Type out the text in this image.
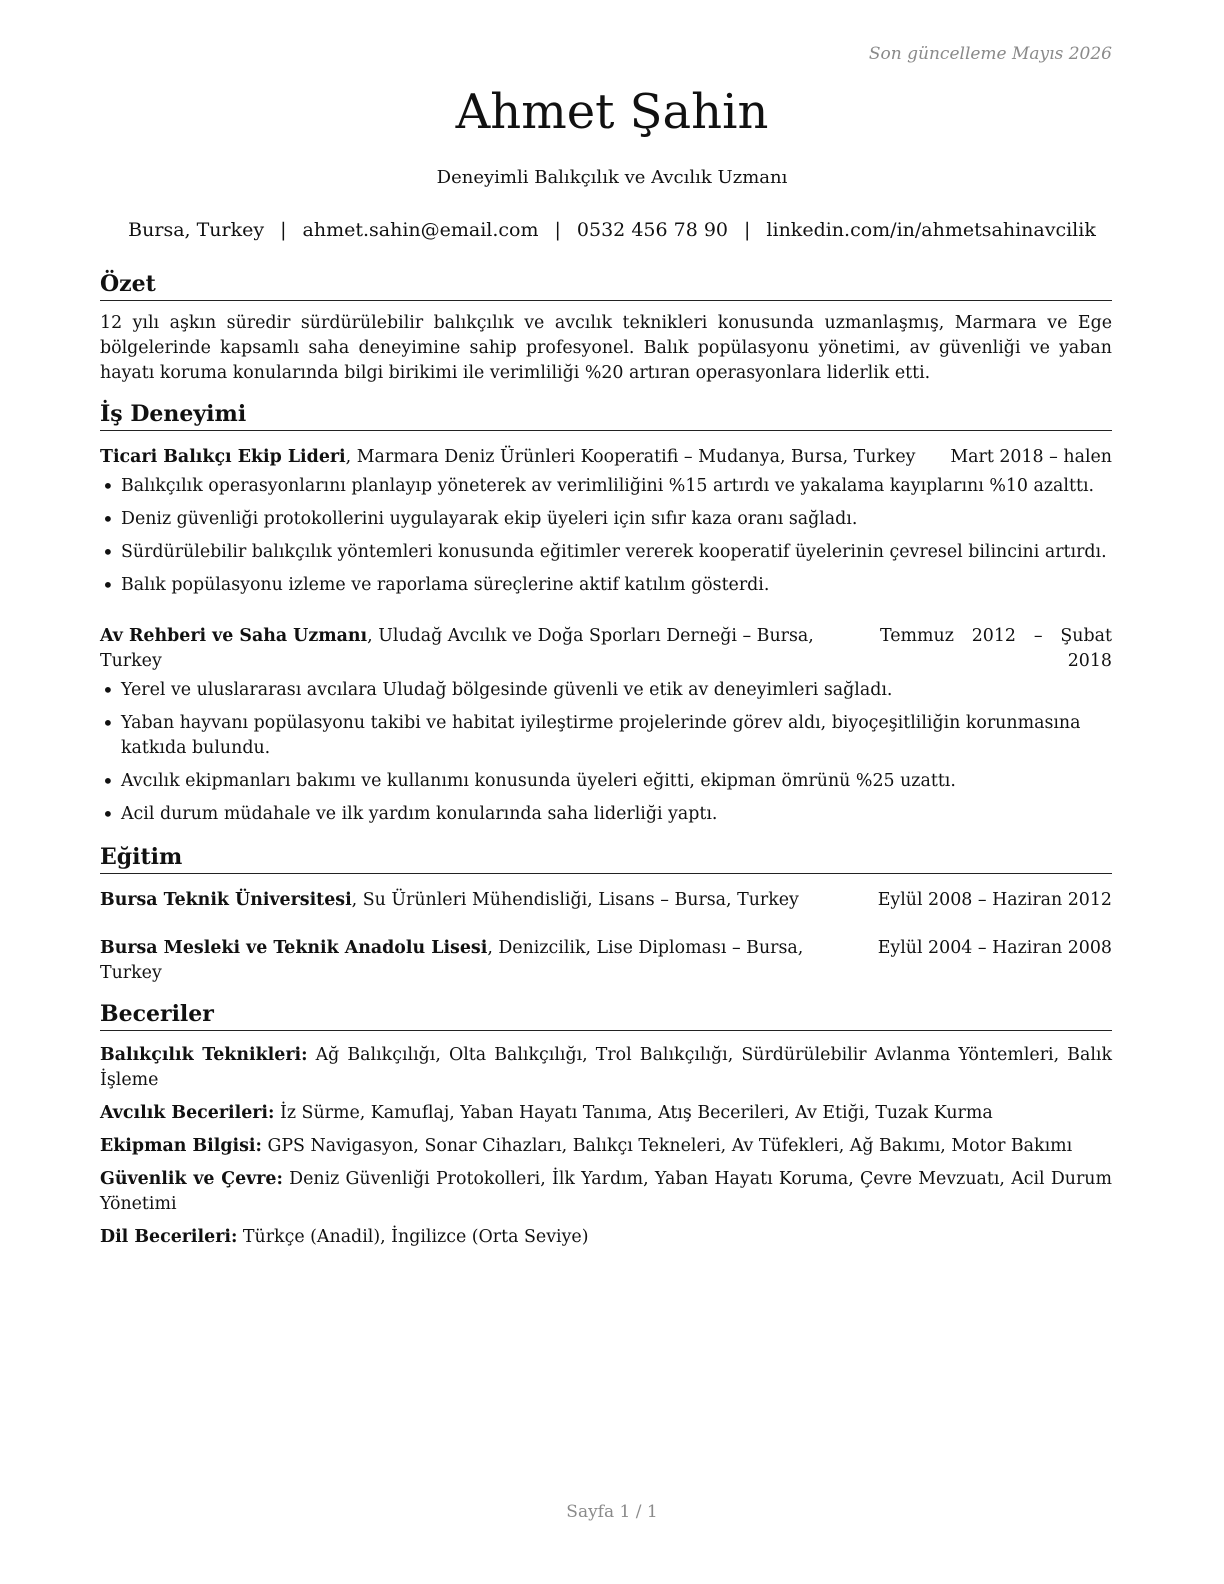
Son güncelleme Mayıs 2026
Ahmet Şahin
Deneyimli Balıkçılık ve Avcılık Uzmanı
Bursa, Turkey | ahmet.sahin@email.com | 0532 456 78 90 | linkedin.com/in/ahmetsahinavcilik
Özet

12 yılı aşkın süredir sürdürülebilir balıkçılık ve avcılık teknikleri konusunda uzmanlaşmış, Marmara ve Ege bölgelerinde kapsamlı saha deneyimine sahip profesyonel. Balık popülasyonu yönetimi, av güvenliği ve yaban hayatı koruma konularında bilgi birikimi ile verimliliği %20 artıran operasyonlara liderlik etti.

İş Deneyimi
Ticari Balıkçı Ekip Lideri, Marmara Deniz Ürünleri Kooperatifi – Mudanya, Bursa, Turkey	Mart 2018 – halen
• Balıkçılık operasyonlarını planlayıp yöneterek av verimliliğini %15 artırdı ve yakalama kayıplarını %10 azalttı.
• Deniz güvenliği protokollerini uygulayarak ekip üyeleri için sıfır kaza oranı sağladı.
• Sürdürülebilir balıkçılık yöntemleri konusunda eğitimler vererek kooperatif üyelerinin çevresel bilincini artırdı.
• Balık popülasyonu izleme ve raporlama süreçlerine aktif katılım gösterdi.
Av Rehberi ve Saha Uzmanı, Uludağ Avcılık ve Doğa Sporları Derneği – Bursa, Turkey
Temmuz 2012 – Şubat 2018
• Yerel ve uluslararası avcılara Uludağ bölgesinde güvenli ve etik av deneyimleri sağladı.
• Yaban hayvanı popülasyonu takibi ve habitat iyileştirme projelerinde görev aldı, biyoçeşitliliğin korunmasına katkıda bulundu.
• Avcılık ekipmanları bakımı ve kullanımı konusunda üyeleri eğitti, ekipman ömrünü %25 uzattı.
• Acil durum müdahale ve ilk yardım konularında saha liderliği yaptı.
Eğitim
Bursa Teknik Üniversitesi, Su Ürünleri Mühendisliği, Lisans – Bursa, Turkey	Eylül 2008 – Haziran 2012
Bursa Mesleki ve Teknik Anadolu Lisesi, Denizcilik, Lise Diploması – Bursa, Turkey
Eylül 2004 – Haziran 2008
Beceriler
Balıkçılık Teknikleri: Ağ Balıkçılığı, Olta Balıkçılığı, Trol Balıkçılığı, Sürdürülebilir Avlanma Yöntemleri, Balık İşleme
Avcılık Becerileri: İz Sürme, Kamuflaj, Yaban Hayatı Tanıma, Atış Becerileri, Av Etiği, Tuzak Kurma
Ekipman Bilgisi: GPS Navigasyon, Sonar Cihazları, Balıkçı Tekneleri, Av Tüfekleri, Ağ Bakımı, Motor Bakımı
Güvenlik ve Çevre: Deniz Güvenliği Protokolleri, İlk Yardım, Yaban Hayatı Koruma, Çevre Mevzuatı, Acil Durum Yönetimi
Dil Becerileri: Türkçe (Anadil), İngilizce (Orta Seviye)
Sayfa 1 / 1
